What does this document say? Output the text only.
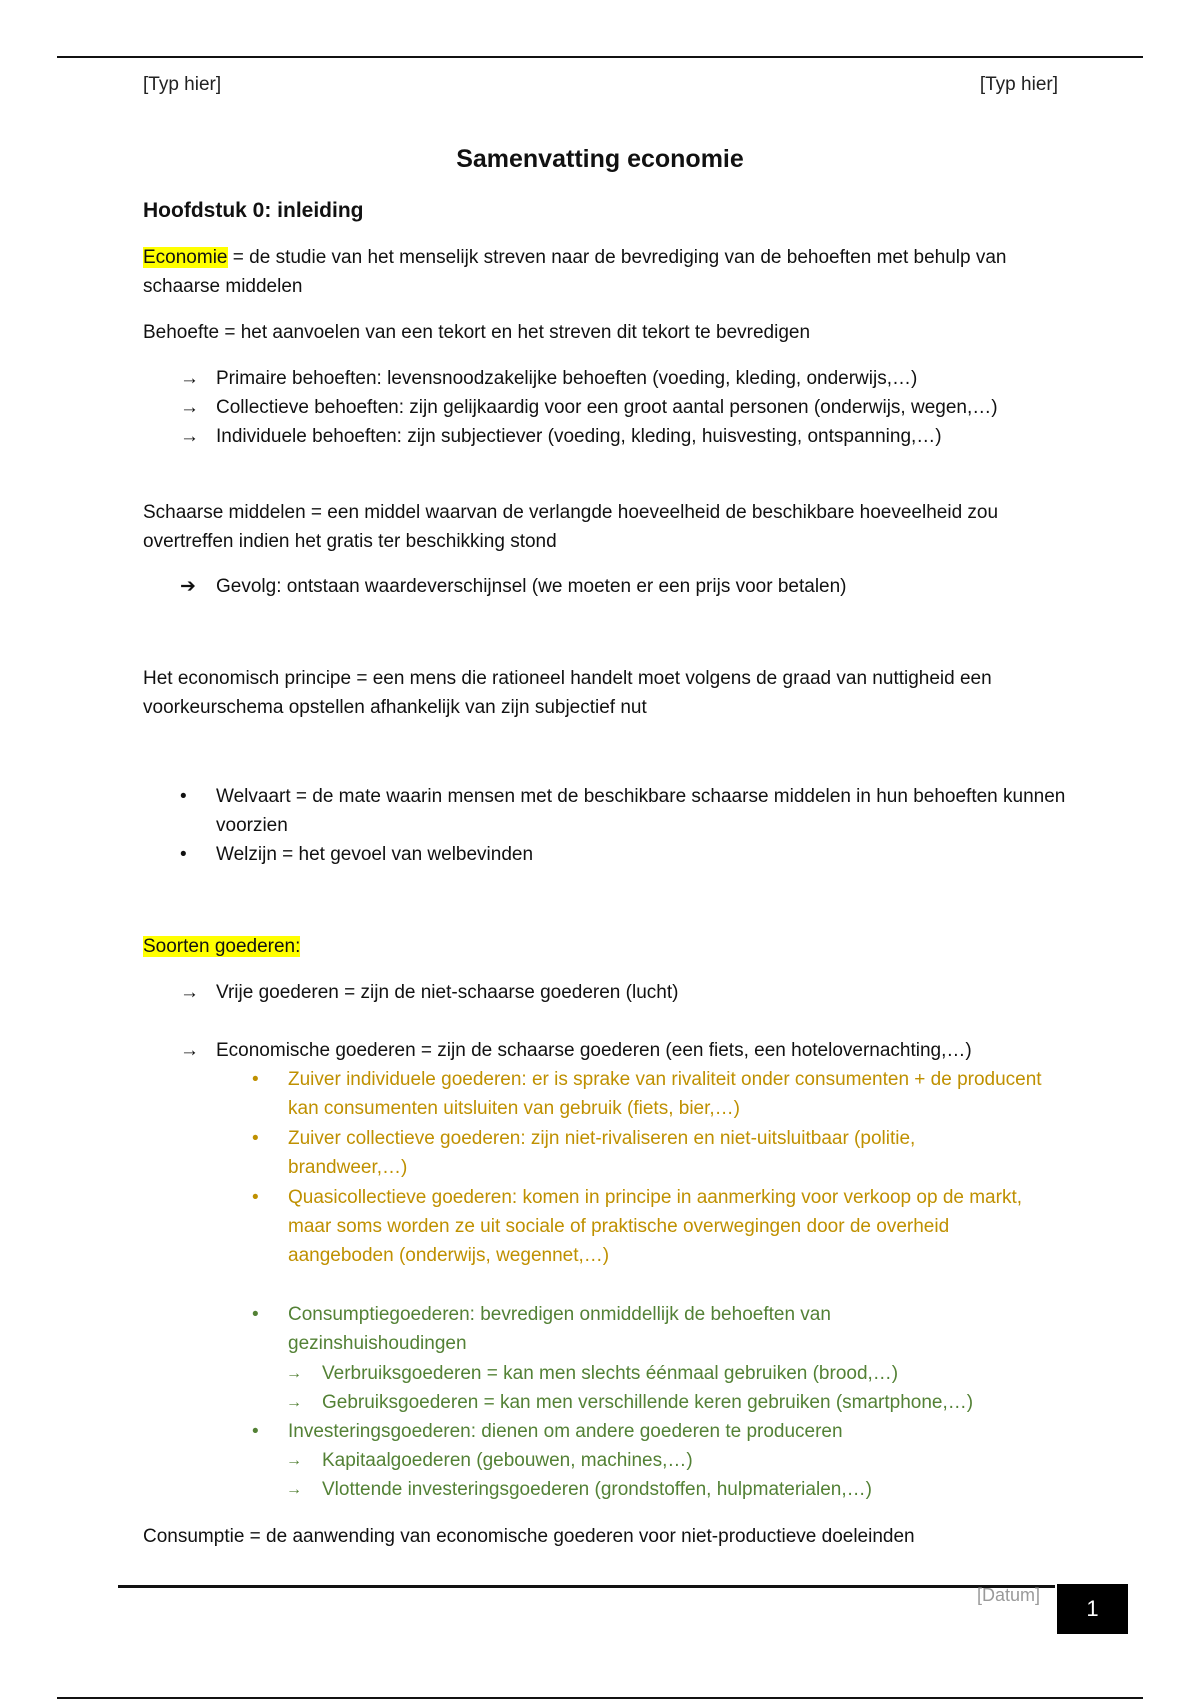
[Typ hier]	[Typ hier]
Samenvatting economie
Hoofdstuk 0: inleiding
Economie = de studie van het menselijk streven naar de bevrediging van de behoeften met behulp van schaarse middelen
Behoefte = het aanvoelen van een tekort en het streven dit tekort te bevredigen
→ Primaire behoeften: levensnoodzakelijke behoeften (voeding, kleding, onderwijs,…)
→ Collectieve behoeften: zijn gelijkaardig voor een groot aantal personen (onderwijs, wegen,…)
→ Individuele behoeften: zijn subjectiever (voeding, kleding, huisvesting, ontspanning,…)
Schaarse middelen = een middel waarvan de verlangde hoeveelheid de beschikbare hoeveelheid zou overtreffen indien het gratis ter beschikking stond
➔ Gevolg: ontstaan waardeverschijnsel (we moeten er een prijs voor betalen)
Het economisch principe = een mens die rationeel handelt moet volgens de graad van nuttigheid een voorkeurschema opstellen afhankelijk van zijn subjectief nut
• Welvaart = de mate waarin mensen met de beschikbare schaarse middelen in hun behoeften kunnen voorzien
• Welzijn = het gevoel van welbevinden
Soorten goederen:
→ Vrije goederen = zijn de niet-schaarse goederen (lucht)
→ Economische goederen = zijn de schaarse goederen (een fiets, een hotelovernachting,…)
• Zuiver individuele goederen: er is sprake van rivaliteit onder consumenten + de producent kan consumenten uitsluiten van gebruik (fiets, bier,…)
• Zuiver collectieve goederen: zijn niet-rivaliseren en niet-uitsluitbaar (politie, brandweer,…)
• Quasicollectieve goederen: komen in principe in aanmerking voor verkoop op de markt, maar soms worden ze uit sociale of praktische overwegingen door de overheid aangeboden (onderwijs, wegennet,…)
• Consumptiegoederen: bevredigen onmiddellijk de behoeften van gezinshuishoudingen
→ Verbruiksgoederen = kan men slechts éénmaal gebruiken (brood,…)
→ Gebruiksgoederen = kan men verschillende keren gebruiken (smartphone,…)
• Investeringsgoederen: dienen om andere goederen te produceren
→ Kapitaalgoederen (gebouwen, machines,…)
→ Vlottende investeringsgoederen (grondstoffen, hulpmaterialen,…)
Consumptie = de aanwending van economische goederen voor niet-productieve doeleinden
[Datum]
1
